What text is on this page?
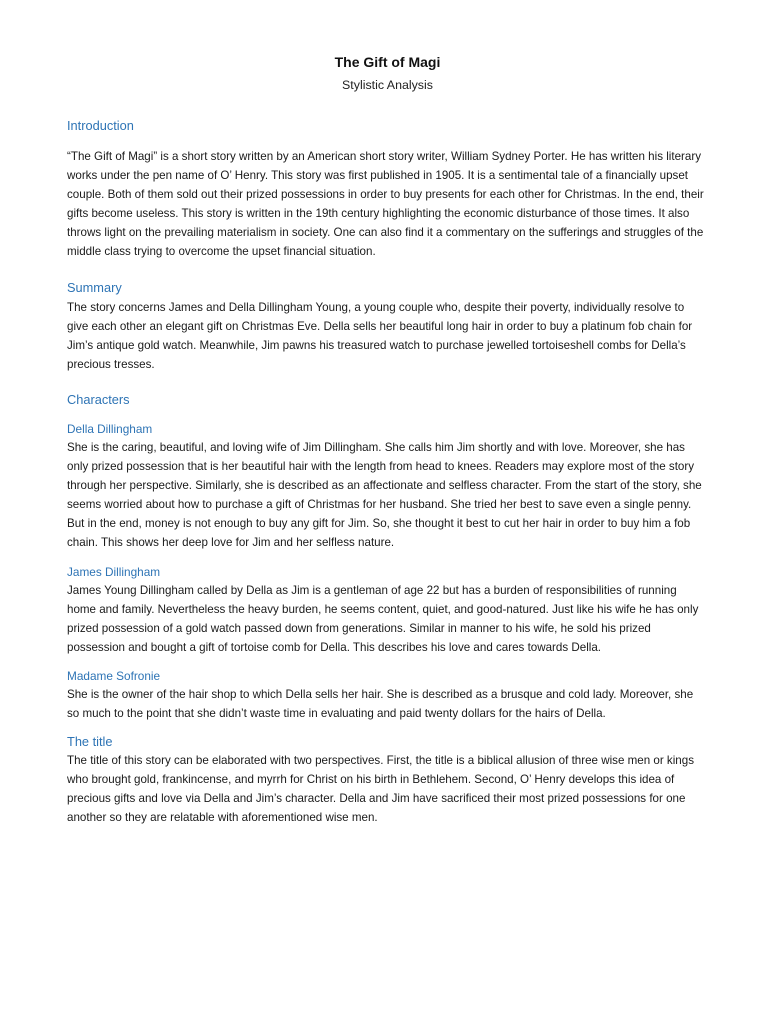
The Gift of Magi
Stylistic Analysis
Introduction

“The Gift of Magi” is a short story written by an American short story writer, William Sydney Porter. He has written his literary works under the pen name of O’ Henry. This story was first published in 1905. It is a sentimental tale of a financially upset couple. Both of them sold out their prized possessions in order to buy presents for each other for Christmas. In the end, their gifts become useless. This story is written in the 19th century highlighting the economic disturbance of those times. It also throws light on the prevailing materialism in society. One can also find it a commentary on the sufferings and struggles of the middle class trying to overcome the upset financial situation.

Summary

The story concerns James and Della Dillingham Young, a young couple who, despite their poverty, individually resolve to give each other an elegant gift on Christmas Eve. Della sells her beautiful long hair in order to buy a platinum fob chain for Jim’s antique gold watch. Meanwhile, Jim pawns his treasured watch to purchase jewelled tortoiseshell combs for Della’s precious tresses.

Characters
Della Dillingham

She is the caring, beautiful, and loving wife of Jim Dillingham. She calls him Jim shortly and with love. Moreover, she has only prized possession that is her beautiful hair with the length from head to knees. Readers may explore most of the story through her perspective. Similarly, she is described as an affectionate and selfless character. From the start of the story, she seems worried about how to purchase a gift of Christmas for her husband. She tried her best to save even a single penny. But in the end, money is not enough to buy any gift for Jim. So, she thought it best to cut her hair in order to buy him a fob chain. This shows her deep love for Jim and her selfless nature.

James Dillingham

James Young Dillingham called by Della as Jim is a gentleman of age 22 but has a burden of responsibilities of running home and family. Nevertheless the heavy burden, he seems content, quiet, and good-natured. Just like his wife he has only prized possession of a gold watch passed down from generations. Similar in manner to his wife, he sold his prized possession and bought a gift of tortoise comb for Della. This describes his love and cares towards Della.

Madame Sofronie

She is the owner of the hair shop to which Della sells her hair. She is described as a brusque and cold lady. Moreover, she so much to the point that she didn’t waste time in evaluating and paid twenty dollars for the hairs of Della.

The title

The title of this story can be elaborated with two perspectives. First, the title is a biblical allusion of three wise men or kings who brought gold, frankincense, and myrrh for Christ on his birth in Bethlehem. Second, O’ Henry develops this idea of precious gifts and love via Della and Jim’s character. Della and Jim have sacrificed their most prized possessions for one another so they are relatable with aforementioned wise men.
